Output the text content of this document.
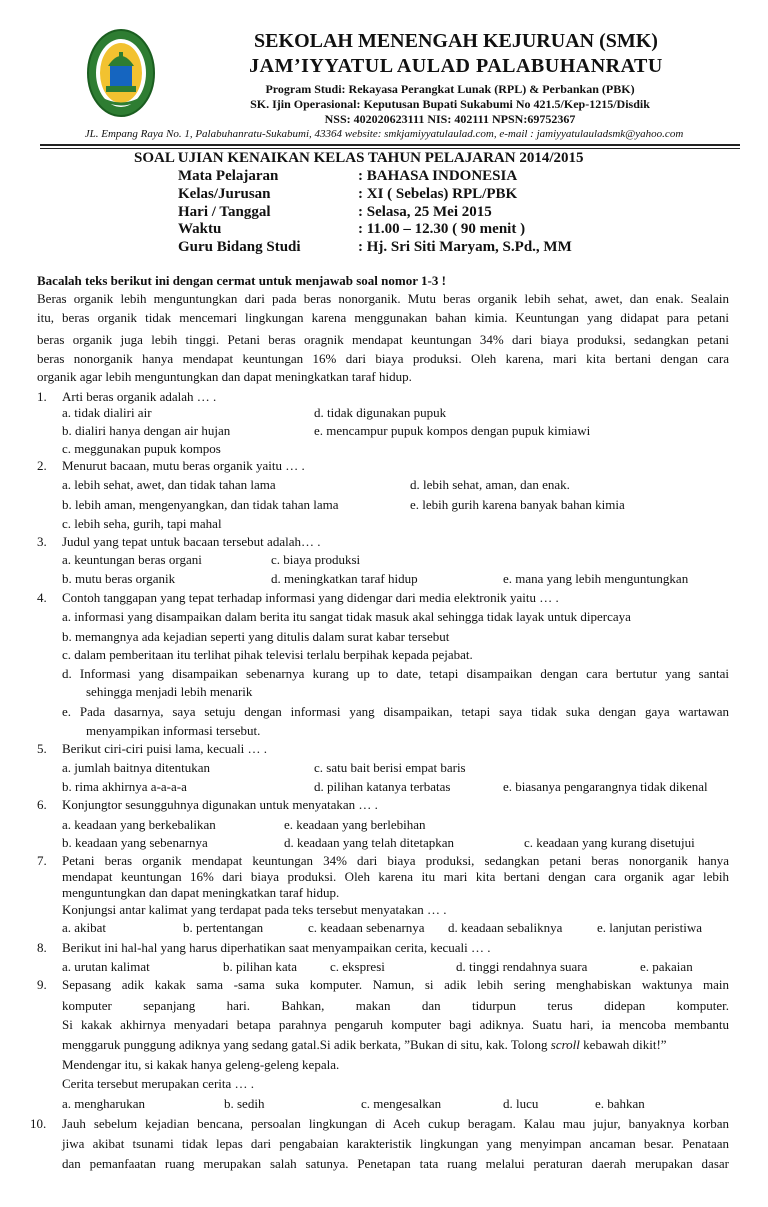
SEKOLAH MENENGAH KEJURUAN (SMK)
JAM’IYYATUL AULAD PALABUHANRATU
Program Studi: Rekayasa Perangkat Lunak (RPL) & Perbankan (PBK)
SK. Ijin Operasional: Keputusan Bupati Sukabumi No 421.5/Kep-1215/Disdik
NSS: 402020623111 NIS: 402111 NPSN:69752367
JL. Empang Raya No. 1, Palabuhanratu-Sukabumi, 43364 website: smkjamiyyatulaulad.com, e-mail : jamiyyatulauladsmk@yahoo.com
SOAL UJIAN KENAIKAN KELAS TAHUN PELAJARAN 2014/2015
Mata Pelajaran	: BAHASA INDONESIA
Kelas/Jurusan	: XI ( Sebelas) RPL/PBK
Hari / Tanggal	: Selasa, 25 Mei 2015
Waktu	: 11.00 – 12.30 ( 90 menit )
Guru Bidang Studi	: Hj. Sri Siti Maryam, S.Pd., MM
Bacalah teks berikut ini dengan cermat untuk menjawab soal nomor 1-3 !
Beras organik lebih menguntungkan dari pada beras nonorganik. Mutu beras organik lebih sehat, awet, dan enak. Sealain
itu, beras organik tidak mencemari lingkungan karena menggunakan bahan kimia. Keuntungan yang didapat para petani
beras organik juga lebih tinggi. Petani beras oragnik mendapat keuntungan 34% dari biaya produksi, sedangkan petani
beras nonorganik hanya mendapat keuntungan 16% dari biaya produksi. Oleh karena, mari kita bertani dengan cara
organik agar lebih menguntungkan dan dapat meningkatkan taraf hidup.
1. Arti beras organik adalah … .
a. tidak dialiri air	d. tidak digunakan pupuk
b. dialiri hanya dengan air hujan	e. mencampur pupuk kompos dengan pupuk kimiawi
c. meggunakan pupuk kompos
2. Menurut bacaan, mutu beras organik yaitu … .
a. lebih sehat, awet, dan tidak tahan lama	d. lebih sehat, aman, dan enak.
b. lebih aman, mengenyangkan, dan tidak tahan lama	e. lebih gurih karena banyak bahan kimia
c. lebih seha, gurih, tapi mahal
3. Judul yang tepat untuk bacaan tersebut adalah… .
a. keuntungan beras organi	c. biaya produksi
b. mutu beras organik	d. meningkatkan taraf hidup	e. mana yang lebih menguntungkan
4. Contoh tanggapan yang tepat terhadap informasi yang didengar dari media elektronik yaitu … .
a. informasi yang disampaikan dalam berita itu sangat tidak masuk akal sehingga tidak layak untuk dipercaya
b. memangnya ada kejadian seperti yang ditulis dalam surat kabar tersebut
c. dalam pemberitaan itu terlihat pihak televisi terlalu berpihak kepada pejabat.
d. Informasi yang disampaikan sebenarnya kurang up to date, tetapi disampaikan dengan cara bertutur yang santai
sehingga menjadi lebih menarik
e. Pada dasarnya, saya setuju dengan informasi yang disampaikan, tetapi saya tidak suka dengan gaya wartawan
menyampikan informasi tersebut.
5. Berikut ciri-ciri puisi lama, kecuali … .
a. jumlah baitnya ditentukan	c. satu bait berisi empat baris
b. rima akhirnya a-a-a-a	d. pilihan katanya terbatas	e. biasanya pengarangnya tidak dikenal
6. Konjungtor sesungguhnya digunakan untuk menyatakan … .
a. keadaan yang berkebalikan	e. keadaan yang berlebihan
b. keadaan yang sebenarnya	d. keadaan yang telah ditetapkan	c. keadaan yang kurang disetujui
7. Petani beras organik mendapat keuntungan 34% dari biaya produksi, sedangkan petani beras nonorganik hanya
mendapat keuntungan 16% dari biaya produksi. Oleh karena itu mari kita bertani dengan cara organik agar lebih
menguntungkan dan dapat meningkatkan taraf hidup.
Konjungsi antar kalimat yang terdapat pada teks tersebut menyatakan … .
a. akibat	b. pertentangan	c. keadaan sebenarnya d. keadaan sebaliknya	e. lanjutan peristiwa
8. Berikut ini hal-hal yang harus diperhatikan saat menyampaikan cerita, kecuali … .
a. urutan kalimat	b. pilihan kata	c. ekspresi	d. tinggi rendahnya suara	e. pakaian
9. Sepasang adik kakak sama -sama suka komputer. Namun, si adik lebih sering menghabiskan waktunya main
komputer sepanjang hari. Bahkan, makan dan tidurpun terus didepan komputer.
Si kakak akhirnya menyadari betapa parahnya pengaruh komputer bagi adiknya. Suatu hari, ia mencoba membantu
menggaruk punggung adiknya yang sedang gatal.Si adik berkata, ”Bukan di situ, kak. Tolong scroll kebawah dikit!”
Mendengar itu, si kakak hanya geleng-geleng kepala.
Cerita tersebut merupakan cerita … .
a. mengharukan	b. sedih	c. mengesalkan	d. lucu	e. bahkan
10. Jauh sebelum kejadian bencana, persoalan lingkungan di Aceh cukup beragam. Kalau mau jujur, banyaknya korban
jiwa akibat tsunami tidak lepas dari pengabaian karakteristik lingkungan yang menyimpan ancaman besar. Penataan
dan pemanfaatan ruang merupakan salah satunya. Penetapan tata ruang melalui peraturan daerah merupakan dasar
